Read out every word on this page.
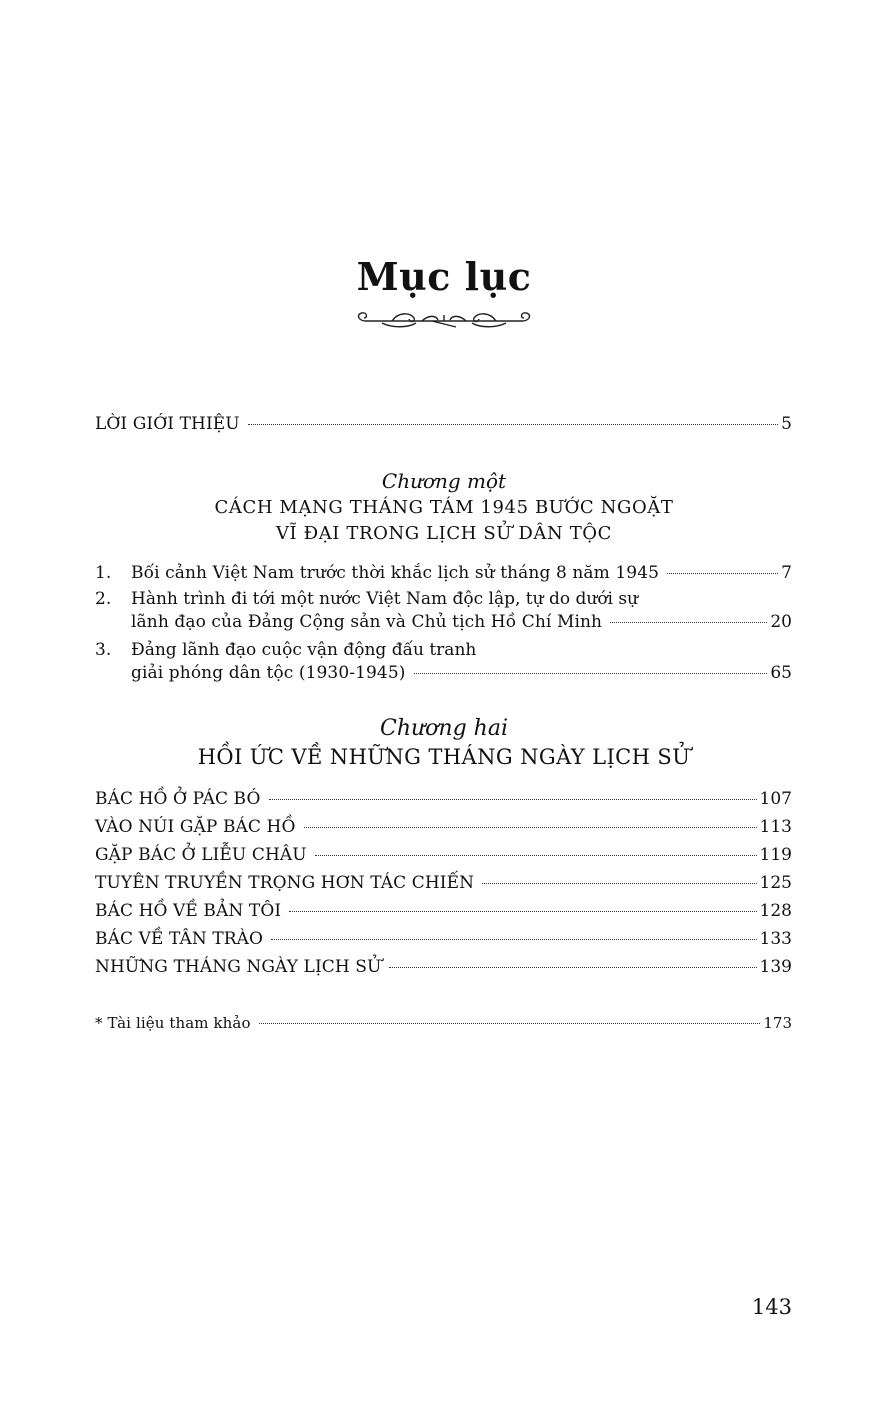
Mục lục
LỜI GIỚI THIỆU	5
Chương một
CÁCH MẠNG THÁNG TÁM 1945 BƯỚC NGOẶT
VĨ ĐẠI TRONG LỊCH SỬ DÂN TỘC
1. Bối cảnh Việt Nam trước thời khắc lịch sử tháng 8 năm 1945	7
2. Hành trình đi tới một nước Việt Nam độc lập, tự do dưới sự
lãnh đạo của Đảng Cộng sản và Chủ tịch Hồ Chí Minh	20
3. Đảng lãnh đạo cuộc vận động đấu tranh
giải phóng dân tộc (1930-1945)	65
Chương hai
HỒI ỨC VỀ NHỮNG THÁNG NGÀY LỊCH SỬ
BÁC HỒ Ở PÁC BÓ	107
VÀO NÚI GẶP BÁC HỒ	113
GẶP BÁC Ở LIỄU CHÂU	119
TUYÊN TRUYỀN TRỌNG HƠN TÁC CHIẾN	125
BÁC HỒ VỀ BẢN TÔI	128
BÁC VỀ TÂN TRÀO	133
NHỮNG THÁNG NGÀY LỊCH SỬ	139
* Tài liệu tham khảo	173
143
